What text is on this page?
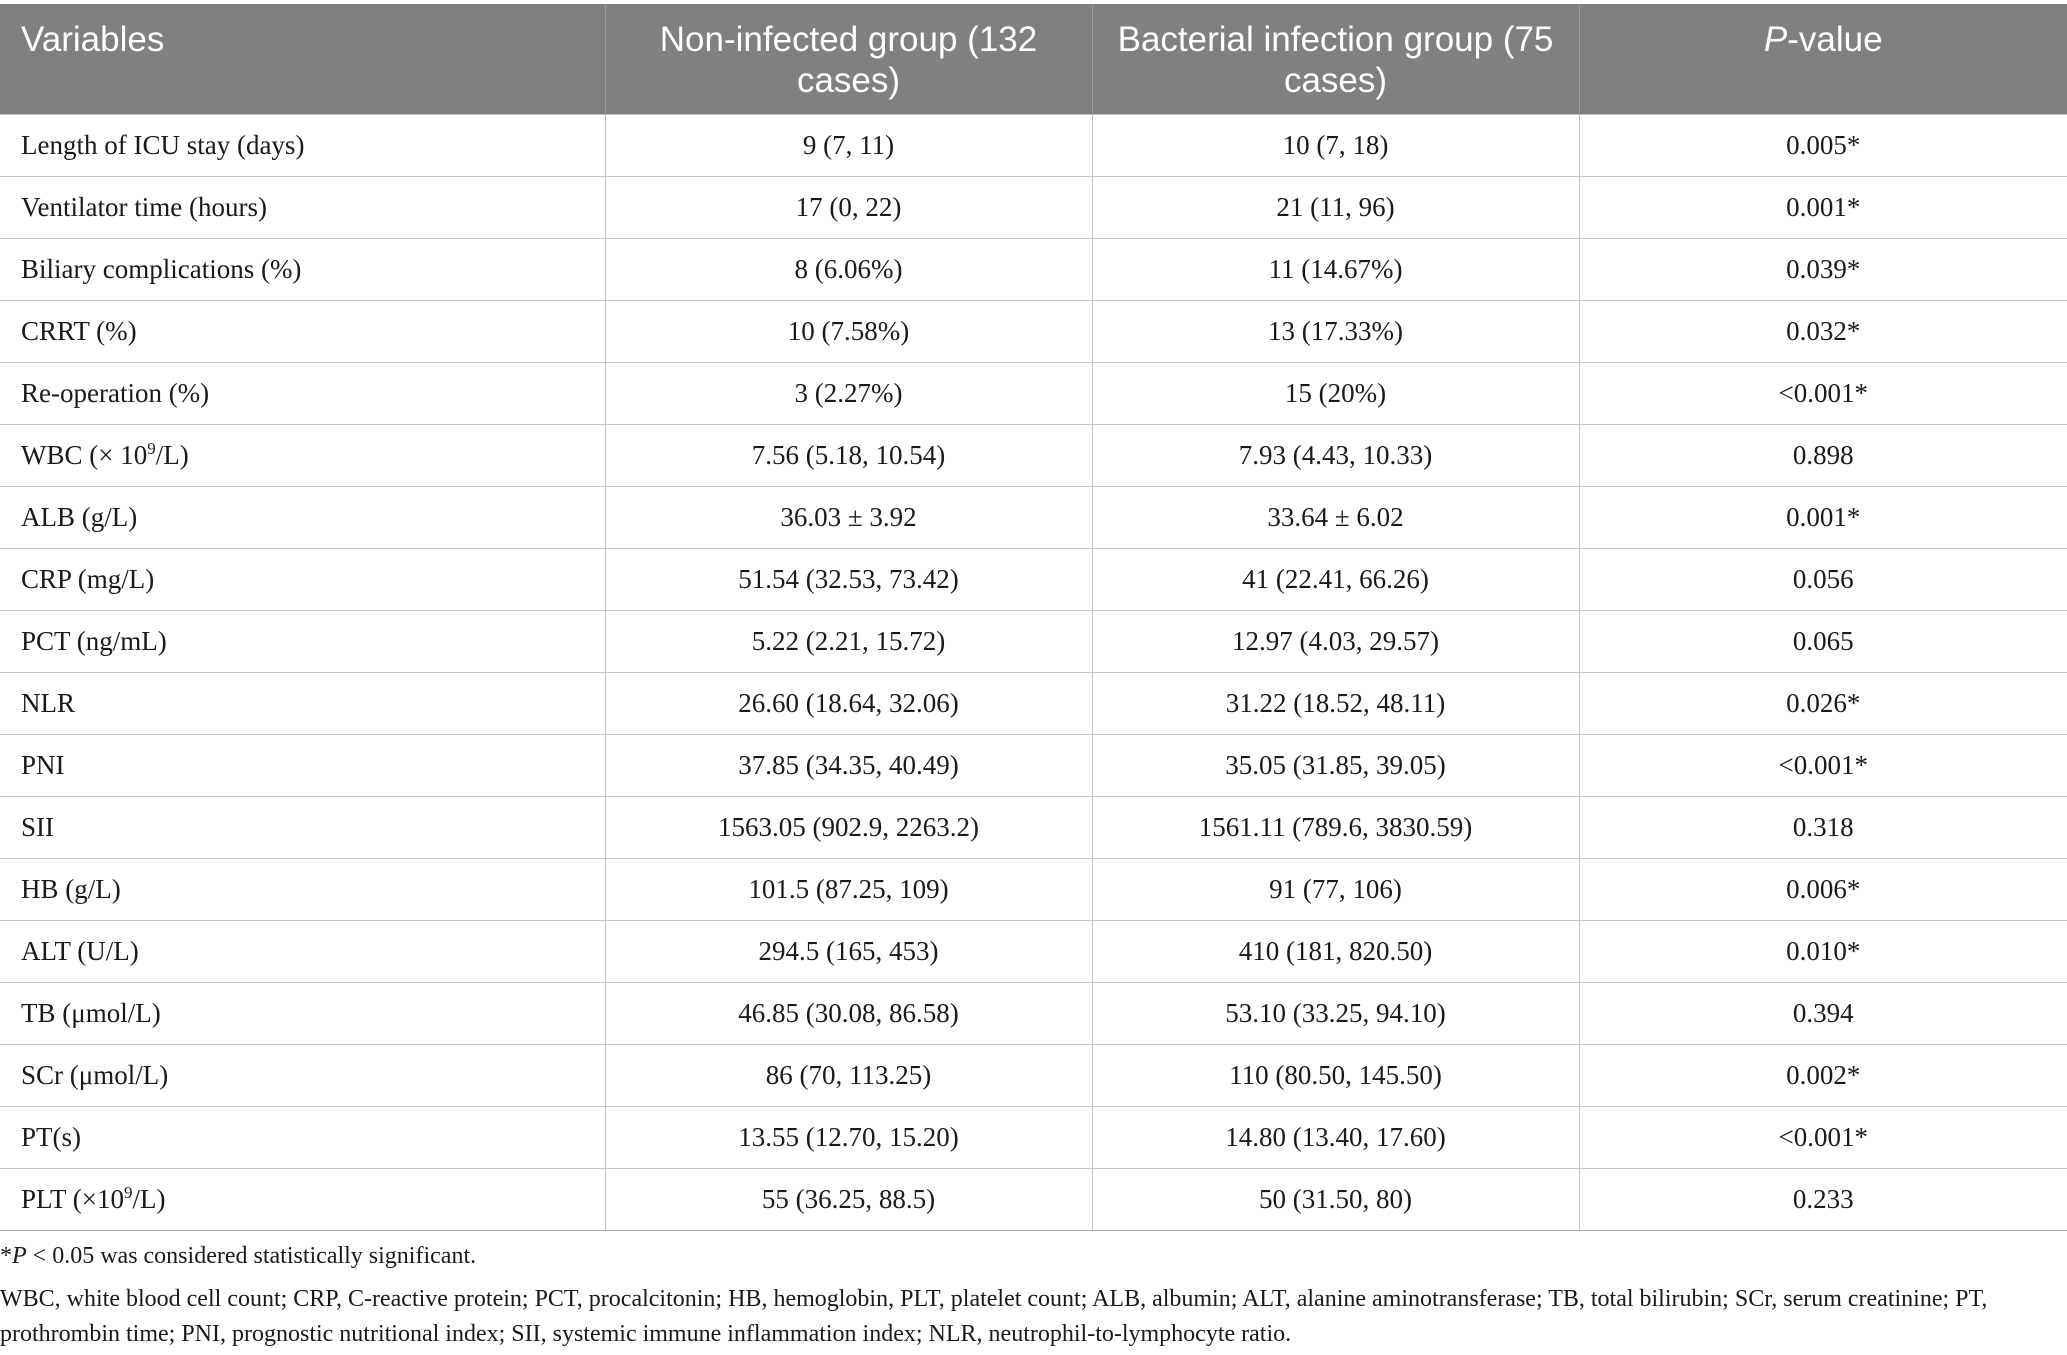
Variables	Non-infected group (132 cases)	Bacterial infection group (75 cases)	P-value
Length of ICU stay (days)	9 (7, 11)	10 (7, 18)	0.005*
Ventilator time (hours)	17 (0, 22)	21 (11, 96)	0.001*
Biliary complications (%)	8 (6.06%)	11 (14.67%)	0.039*
CRRT (%)	10 (7.58%)	13 (17.33%)	0.032*
Re-operation (%)	3 (2.27%)	15 (20%)	<0.001*
WBC (× $10^9/L$)	7.56 (5.18, 10.54)	7.93 (4.43, 10.33)	0.898
ALB (g/L)	36.03 ± 3.92	33.64 ± 6.02	0.001*
CRP (mg/L)	51.54 (32.53, 73.42)	41 (22.41, 66.26)	0.056
PCT (ng/mL)	5.22 (2.21, 15.72)	12.97 (4.03, 29.57)	0.065
NLR	26.60 (18.64, 32.06)	31.22 (18.52, 48.11)	0.026*
PNI	37.85 (34.35, 40.49)	35.05 (31.85, 39.05)	<0.001*
SII	1563.05 (902.9, 2263.2)	1561.11 (789.6, 3830.59)	0.318
HB (g/L)	101.5 (87.25, 109)	91 (77, 106)	0.006*
ALT (U/L)	294.5 (165, 453)	410 (181, 820.50)	0.010*
TB (μmol/L)	46.85 (30.08, 86.58)	53.10 (33.25, 94.10)	0.394
SCr (μmol/L)	86 (70, 113.25)	110 (80.50, 145.50)	0.002*
PT(s)	13.55 (12.70, 15.20)	14.80 (13.40, 17.60)	<0.001*
PLT $(\times 10^9/L)$	55 (36.25, 88.5)	50 (31.50, 80)	0.233

*P < 0.05 was considered statistically significant.

WBC, white blood cell count; CRP, C-reactive protein; PCT, procalcitonin; HB, hemoglobin, PLT, platelet count; ALB, albumin; ALT, alanine aminotransferase; TB, total bilirubin; SCr, serum creatinine; PT, prothrombin time; PNI, prognostic nutritional index; SII, systemic immune inflammation index; NLR, neutrophil-to-lymphocyte ratio.
